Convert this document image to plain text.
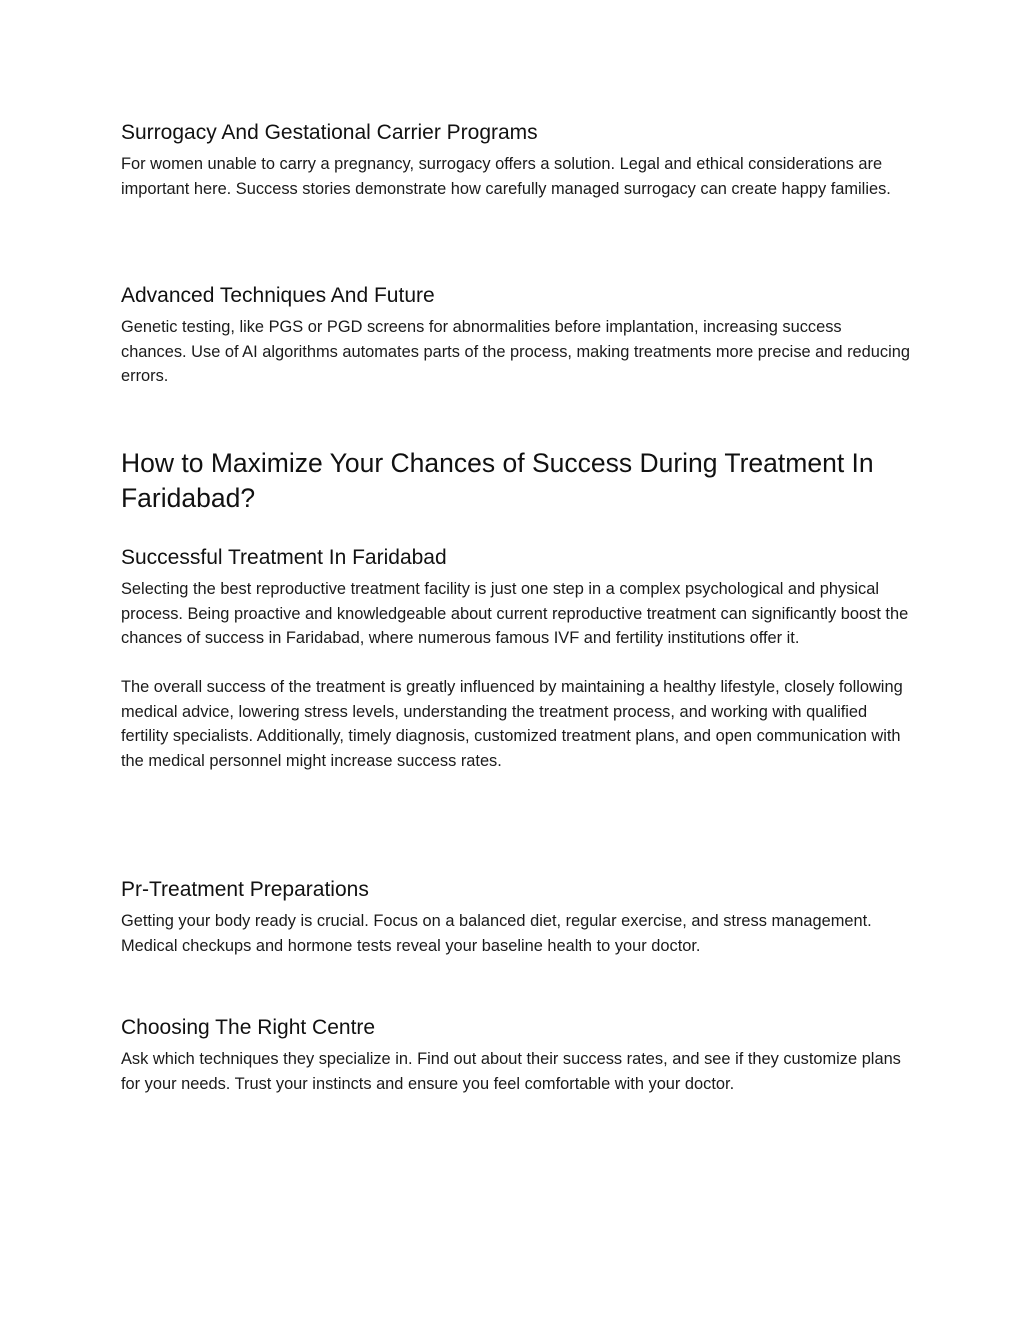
Surrogacy And Gestational Carrier Programs

For women unable to carry a pregnancy, surrogacy offers a solution. Legal and ethical considerations are important here. Success stories demonstrate how carefully managed surrogacy can create happy families.

Advanced Techniques And Future

Genetic testing, like PGS or PGD screens for abnormalities before implantation, increasing success chances. Use of AI algorithms automates parts of the process, making treatments more precise and reducing errors.

How to Maximize Your Chances of Success During Treatment In Faridabad?
Successful Treatment In Faridabad

Selecting the best reproductive treatment facility is just one step in a complex psychological and physical process. Being proactive and knowledgeable about current reproductive treatment can significantly boost the chances of success in Faridabad, where numerous famous IVF and fertility institutions offer it.

The overall success of the treatment is greatly influenced by maintaining a healthy lifestyle, closely following medical advice, lowering stress levels, understanding the treatment process, and working with qualified fertility specialists. Additionally, timely diagnosis, customized treatment plans, and open communication with the medical personnel might increase success rates.

Pr-Treatment Preparations

Getting your body ready is crucial. Focus on a balanced diet, regular exercise, and stress management. Medical checkups and hormone tests reveal your baseline health to your doctor.

Choosing The Right Centre

Ask which techniques they specialize in. Find out about their success rates, and see if they customize plans for your needs. Trust your instincts and ensure you feel comfortable with your doctor.
